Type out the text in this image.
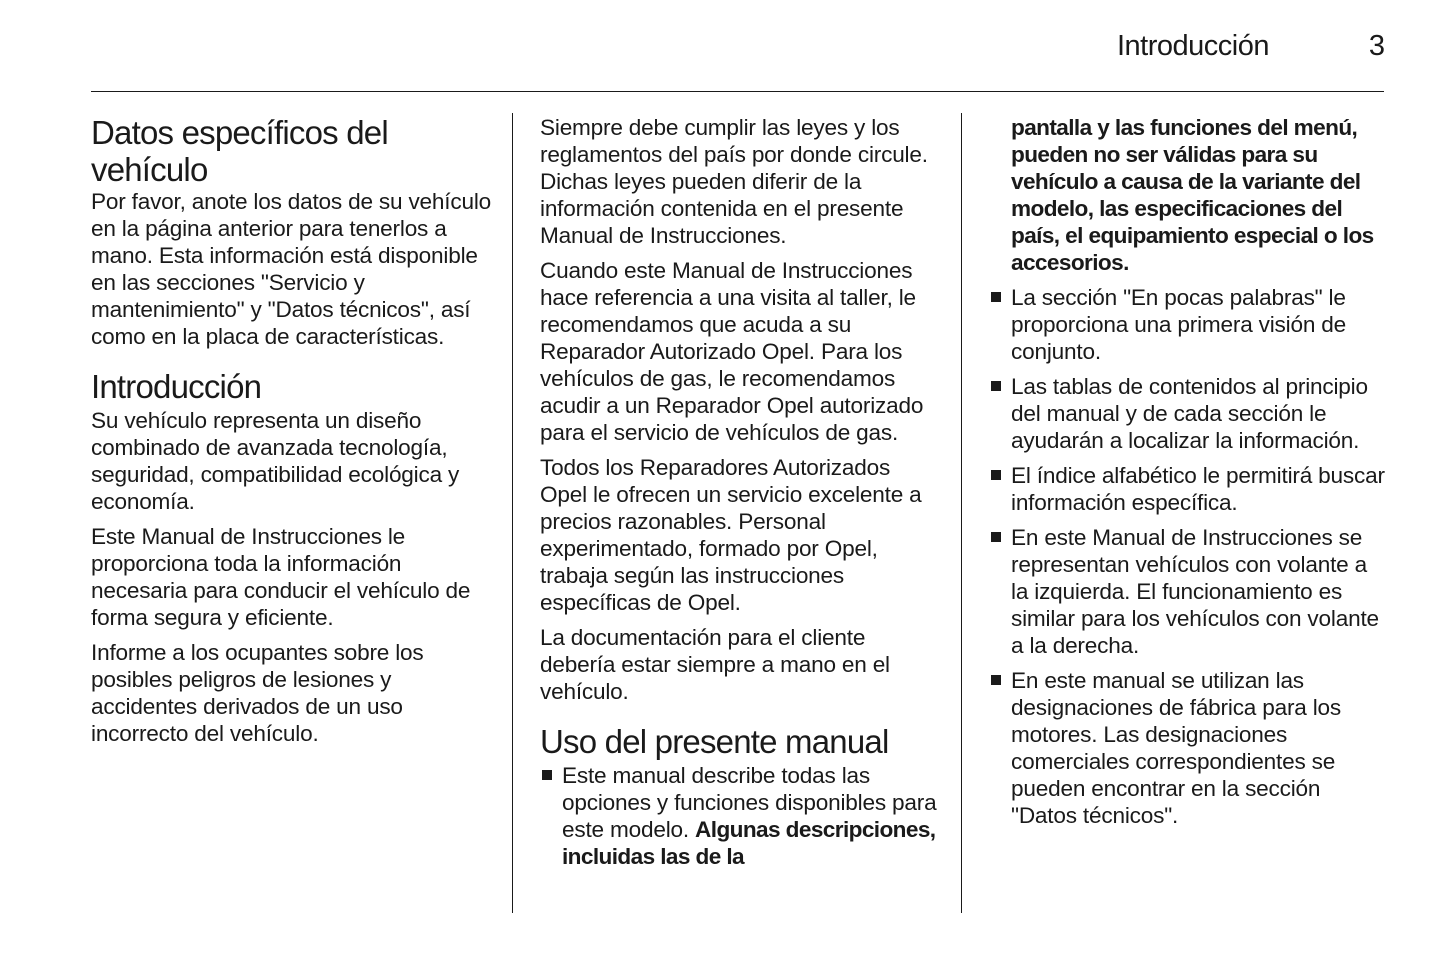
Introducción	3
Datos específicos del
vehículo

Por favor, anote los datos de su vehículo en la página anterior para tenerlos a mano. Esta información está disponible en las secciones "Servicio y mantenimiento" y "Datos técnicos", así como en la placa de características.

Introducción

Su vehículo representa un diseño combinado de avanzada tecnología, seguridad, compatibilidad ecológica y economía.

Este Manual de Instrucciones le proporciona toda la información necesaria para conducir el vehículo de forma segura y eficiente.

Informe a los ocupantes sobre los posibles peligros de lesiones y accidentes derivados de un uso incorrecto del vehículo.

Siempre debe cumplir las leyes y los reglamentos del país por donde circule. Dichas leyes pueden diferir de la información contenida en el presente Manual de Instrucciones.

Cuando este Manual de Instrucciones hace referencia a una visita al taller, le recomendamos que acuda a su Reparador Autorizado Opel. Para los vehículos de gas, le recomendamos acudir a un Reparador Opel autorizado para el servicio de vehículos de gas.

Todos los Reparadores Autorizados Opel le ofrecen un servicio excelente a precios razonables. Personal experimentado, formado por Opel, trabaja según las instrucciones específicas de Opel.

La documentación para el cliente debería estar siempre a mano en el vehículo.

Uso del presente manual
Este manual describe todas las opciones y funciones disponibles para este modelo. Algunas descripciones, incluidas las de la

pantalla y las funciones del menú, pueden no ser válidas para su vehículo a causa de la variante del modelo, las especificaciones del país, el equipamiento especial o los accesorios.

La sección "En pocas palabras" le proporciona una primera visión de conjunto.
Las tablas de contenidos al principio del manual y de cada sección le ayudarán a localizar la información.
El índice alfabético le permitirá buscar información específica.
En este Manual de Instrucciones se representan vehículos con volante a la izquierda. El funcionamiento es similar para los vehículos con volante a la derecha.
En este manual se utilizan las designaciones de fábrica para los motores. Las designaciones comerciales correspondientes se pueden encontrar en la sección "Datos técnicos".
